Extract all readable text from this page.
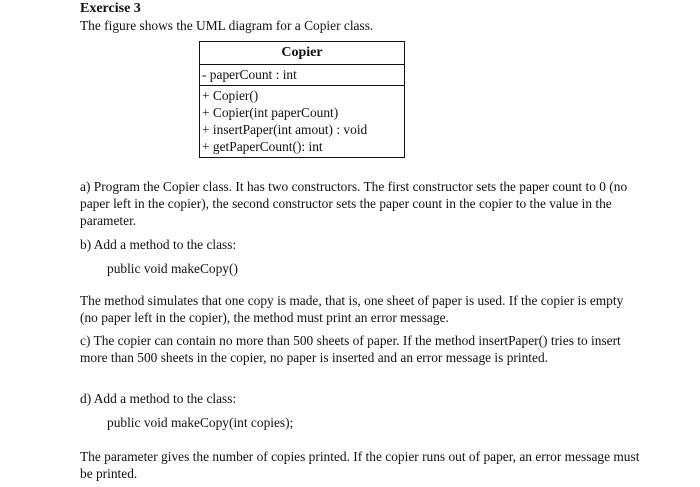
Exercise 3
The figure shows the UML diagram for a Copier class.
Copier
- paperCount : int
+ Copier()
+ Copier(int paperCount)
+ insertPaper(int amout) : void
+ getPaperCount(): int
a) Program the Copier class. It has two constructors. The first constructor sets the paper count to 0 (no paper left in the copier), the second constructor sets the paper count in the copier to the value in the parameter.
b) Add a method to the class:
public void makeCopy()
The method simulates that one copy is made, that is, one sheet of paper is used. If the copier is empty (no paper left in the copier), the method must print an error message.
c) The copier can contain no more than 500 sheets of paper. If the method insertPaper() tries to insert more than 500 sheets in the copier, no paper is inserted and an error message is printed.
d) Add a method to the class:
public void makeCopy(int copies);
The parameter gives the number of copies printed. If the copier runs out of paper, an error message must be printed.
